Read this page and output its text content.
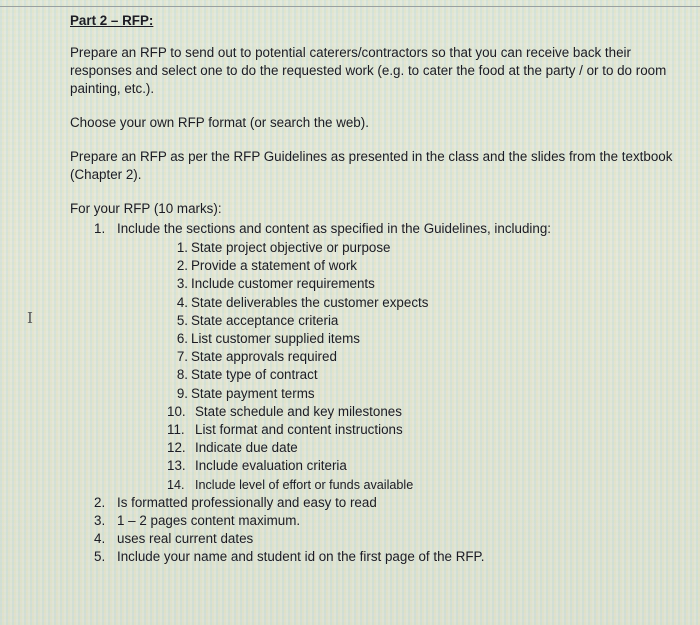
I
Part 2 – RFP:

Prepare an RFP to send out to potential caterers/contractors so that you can receive back their responses and select one to do the requested work (e.g. to cater the food at the party / or to do room painting, etc.).

Choose your own RFP format (or search the web).

Prepare an RFP as per the RFP Guidelines as presented in the class and the slides from the textbook (Chapter 2).

For your RFP (10 marks):

1. Include the sections and content as specified in the Guidelines, including:
1. State project objective or purpose
2. Provide a statement of work
3. Include customer requirements
4. State deliverables the customer expects
5. State acceptance criteria
6. List customer supplied items
7. State approvals required
8. State type of contract
9. State payment terms
10. State schedule and key milestones
11. List format and content instructions
12. Indicate due date
13. Include evaluation criteria
14. Include level of effort or funds available
2. Is formatted professionally and easy to read
3. 1 – 2 pages content maximum.
4. uses real current dates
5. Include your name and student id on the first page of the RFP.
